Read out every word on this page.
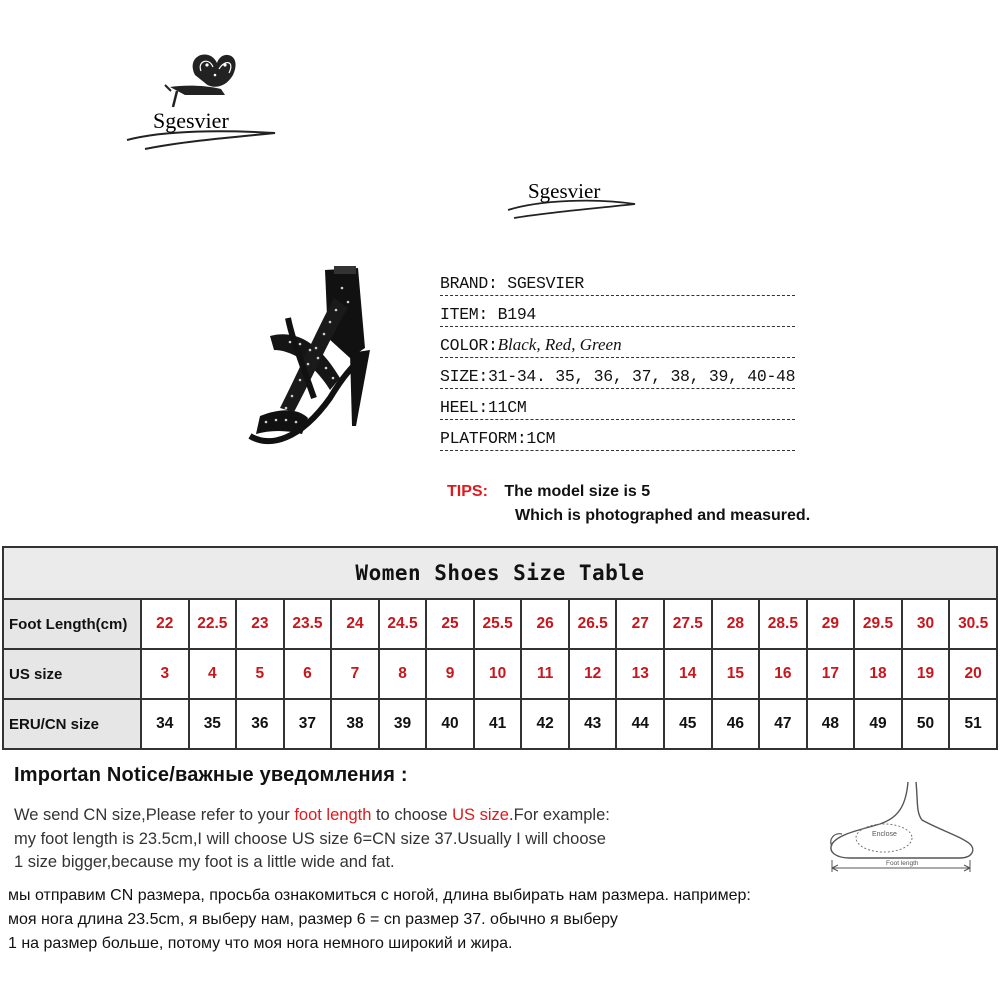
Sgesvier
Sgesvier
BRAND: SGESVIER
ITEM: B194
COLOR: Black, Red, Green
SIZE:31-34. 35, 36, 37, 38, 39, 40-48
HEEL:11CM
PLATFORM:1CM
TIPS: The model size is 5
Which is photographed and measured.
Women Shoes Size Table																		
Foot Length(cm)	22	22.5	23	23.5	24	24.5	25	25.5	26	26.5	27	27.5	28	28.5	29	29.5	30	30.5
US size	3	4	5	6	7	8	9	10	11	12	13	14	15	16	17	18	19	20
ERU/CN size	34	35	36	37	38	39	40	41	42	43	44	45	46	47	48	49	50	51
Importan Notice/важные уведомления :
We send CN size,Please refer to your foot length to choose US size.For example:
my foot length is 23.5cm,I will choose US size 6=CN size 37.Usually I will choose
1 size bigger,because my foot is a little wide and fat.
мы отправим CN размера, просьба ознакомиться с ногой, длина выбирать нам размера. например:
моя нога длина 23.5cm, я выберу нам, размер 6 = cn размер 37. обычно я выберу
1 на размер больше, потому что моя нога немного широкий и жира.
Enclose
Foot length
